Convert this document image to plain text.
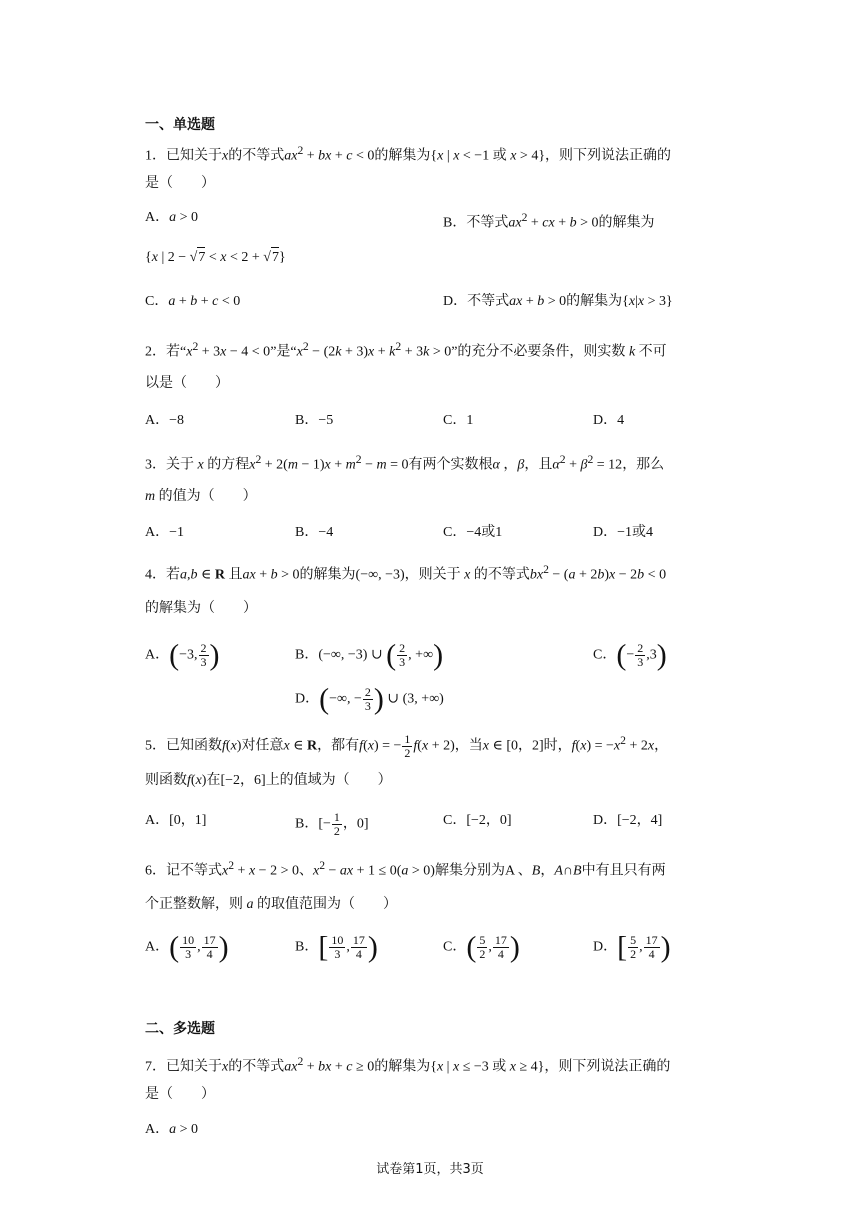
一、单选题
1．已知关于x的不等式$ax^2$ + bx + c < 0的解集为{x | x < −1 或 x > 4}，则下列说法正确的
是（　　）
A．a > 0	B．不等式$ax^2$ + cx + b > 0的解集为
{x | 2 − √7 < x < 2 + √7}
C．a + b + c < 0	D．不等式ax + b > 0的解集为{x|x > 3}
2．若“$x^2 + 3x - 4 < 0$”是“$x^2 - (2k + 3)x + k^2 + 3k > 0$”的充分不必要条件，则实数 k 不可
以是（　　）
A．−8	B．−5	C．1	D．4
3．关于 x 的方程$x^2 + 2(m - 1)x + m^2 - m = 0$有两个实数根α ，β，且$\alpha^2 + \beta^2 = 12$，那么
m 的值为（　　）
A．−1	B．−4	C．−4或1	D．−1或4
4．若a,b ∈ R 且ax + b > 0的解集为(−∞, −3)，则关于 x 的不等式$bx^2 - (a + 2b)x - 2b < 0$
的解集为（　　）
A．(−3, $\frac{2}{3}$ )	B．(−∞, −3) ∪ ( $\frac{2}{3}$ , +∞)	C．(− $\frac{2}{3} ,3$)
D．(−∞, − $\frac{2}{3}$ ) ∪ (3, +∞)
5．已知函数f(x)对任意x ∈ R，都有f(x) = − $\frac{1}{2} f(x + 2)$，当x ∈ [0，2]时，$f(x) = -x^2 + 2x$，
则函数f(x)在[−2，6]上的值域为（　　）
A．[0，1]	B．[− $\frac{1}{2}$ ，0]	C．[−2，0]	D．[−2，4]
6．记不等式$x^2 + x - 2 > 0$、$x^2$ − ax + 1 ≤ 0(a > 0)解集分别为A 、B，A∩B中有且只有两
个正整数解，则 a 的取值范围为（　　）
A．( $\frac{10}{3}$ , $\frac{17}{4}$ )	B．[ $\frac{10}{3}$ , $\frac{17}{4}$ )	C．( $\frac{5}{2}$ , $\frac{17}{4}$ )	D．[ $\frac{5}{2}$ , $\frac{17}{4}$ )
二、多选题
7．已知关于x的不等式$ax^2$ + bx + c ≥ 0的解集为{x | x ≤ −3 或 x ≥ 4}，则下列说法正确的
是（　　）
A．a > 0
试卷第1页，共3页
